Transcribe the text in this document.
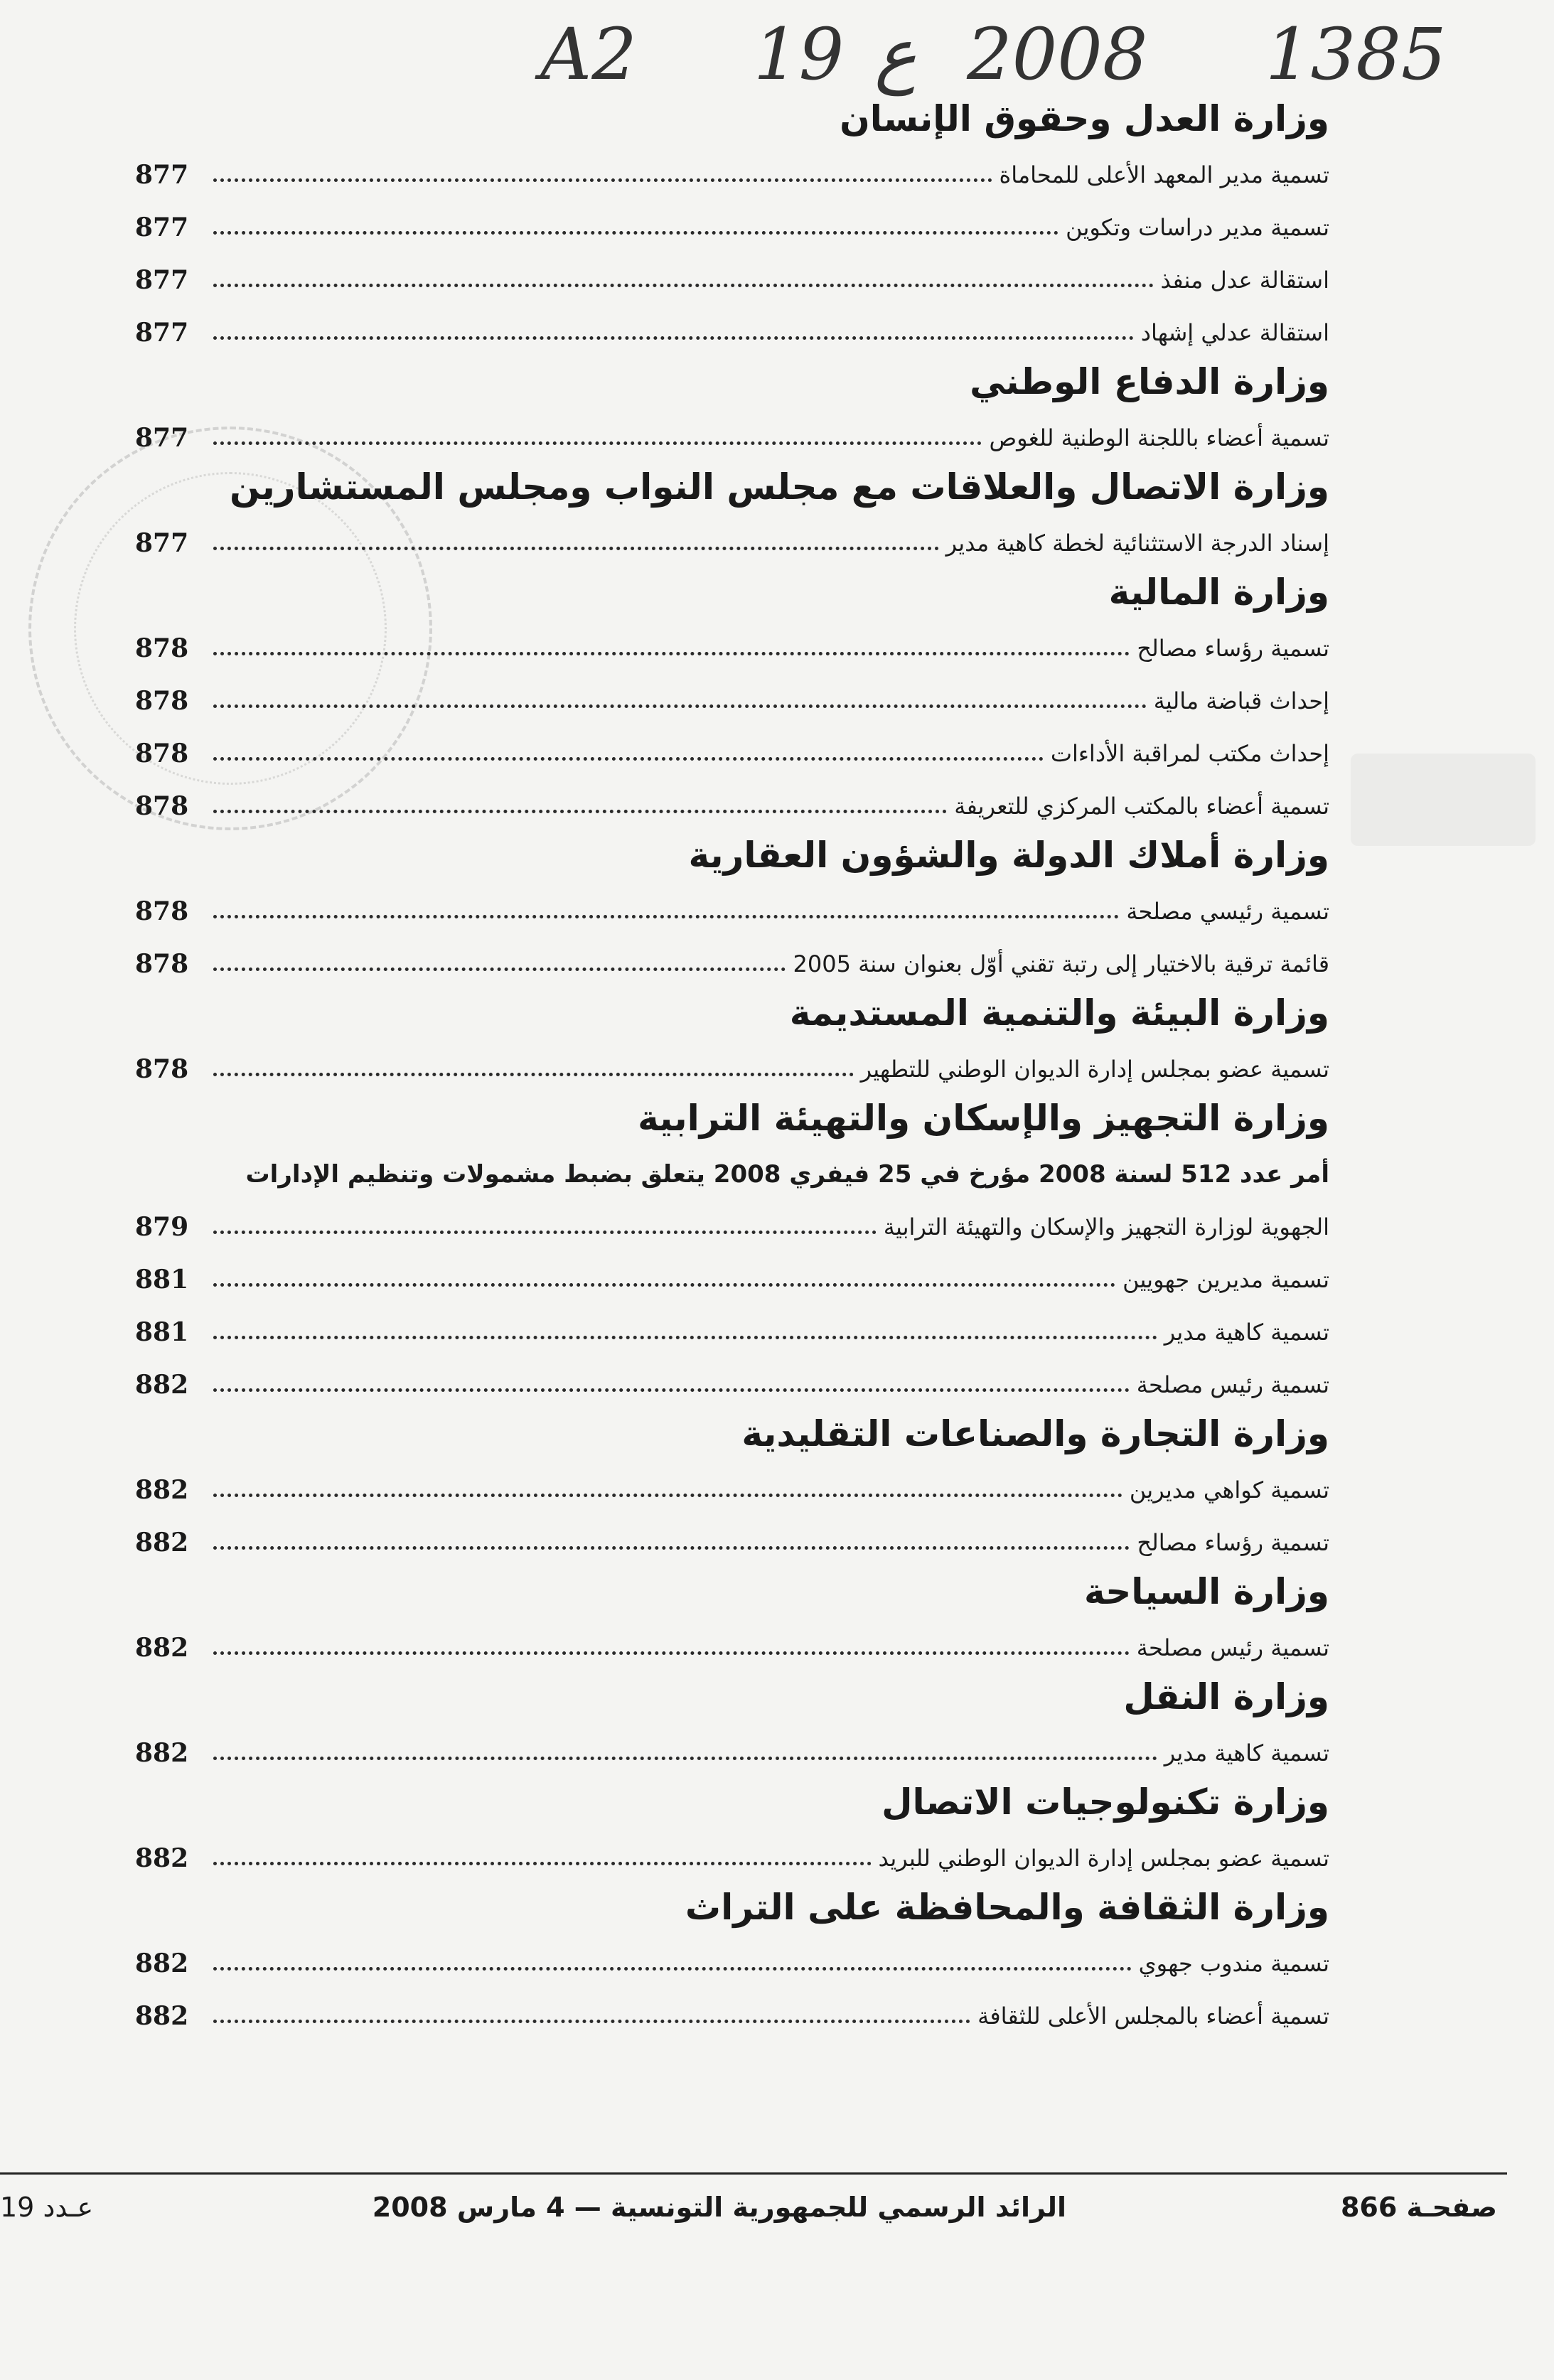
A2 19 ع 2008 1385
وزارة العدل وحقوق الإنسان
877	تسمية مدير المعهد الأعلى للمحاماة
877	تسمية مدير دراسات وتكوين
877	استقالة عدل منفذ
877	استقالة عدلي إشهاد
وزارة الدفاع الوطني
877	تسمية أعضاء باللجنة الوطنية للغوص
وزارة الاتصال والعلاقات مع مجلس النواب ومجلس المستشارين
877	إسناد الدرجة الاستثنائية لخطة كاهية مدير
وزارة المالية
878	تسمية رؤساء مصالح
878	إحداث قباضة مالية
878	إحداث مكتب لمراقبة الأداءات
878	تسمية أعضاء بالمكتب المركزي للتعريفة
وزارة أملاك الدولة والشؤون العقارية
878	تسمية رئيسي مصلحة
878	قائمة ترقية بالاختيار إلى رتبة تقني أوّل بعنوان سنة 2005
وزارة البيئة والتنمية المستديمة
878	تسمية عضو بمجلس إدارة الديوان الوطني للتطهير
وزارة التجهيز والإسكان والتهيئة الترابية
أمر عدد 512 لسنة 2008 مؤرخ في 25 فيفري 2008 يتعلق بضبط مشمولات وتنظيم الإدارات
879	الجهوية لوزارة التجهيز والإسكان والتهيئة الترابية
881	تسمية مديرين جهويين
881	تسمية كاهية مدير
882	تسمية رئيس مصلحة
وزارة التجارة والصناعات التقليدية
882	تسمية كواهي مديرين
882	تسمية رؤساء مصالح
وزارة السياحة
882	تسمية رئيس مصلحة
وزارة النقل
882	تسمية كاهية مدير
وزارة تكنولوجيات الاتصال
882	تسمية عضو بمجلس إدارة الديوان الوطني للبريد
وزارة الثقافة والمحافظة على التراث
882	تسمية مندوب جهوي
882	تسمية أعضاء بالمجلس الأعلى للثقافة
عـدد 19	الرائد الرسمي للجمهورية التونسية — 4 مارس 2008	صفحـة 866
